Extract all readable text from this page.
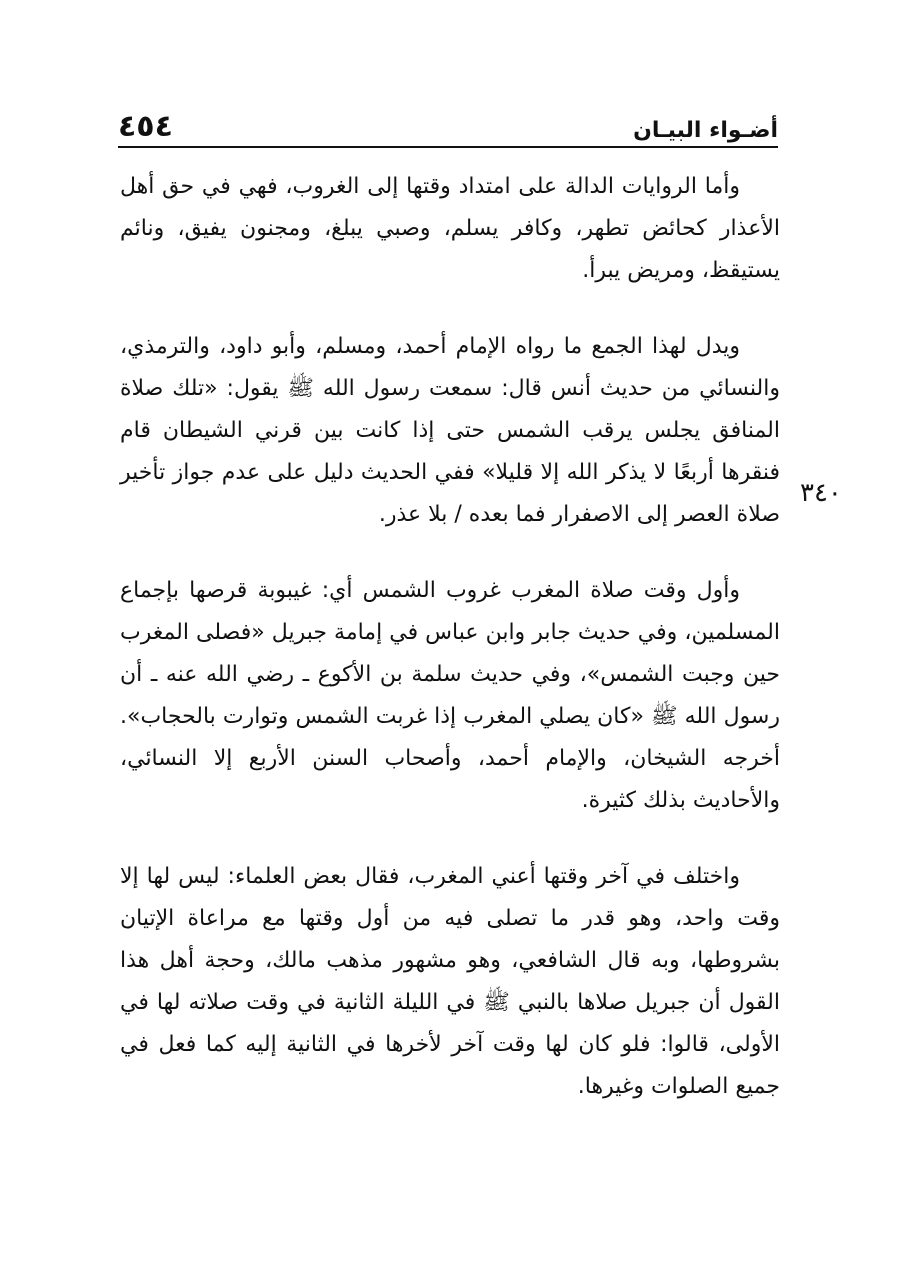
٤٥٤	أضـواء البيـان
٣٤٠

وأما الروايات الدالة على امتداد وقتها إلى الغروب، فهي في حق أهل الأعذار كحائض تطهر، وكافر يسلم، وصبي يبلغ، ومجنون يفيق، ونائم يستيقظ، ومريض يبرأ.

ويدل لهذا الجمع ما رواه الإمام أحمد، ومسلم، وأبو داود، والترمذي، والنسائي من حديث أنس قال: سمعت رسول الله ﷺ يقول: «تلك صلاة المنافق يجلس يرقب الشمس حتى إذا كانت بين قرني الشيطان قام فنقرها أربعًا لا يذكر الله إلا قليلا» ففي الحديث دليل على عدم جواز تأخير صلاة العصر إلى الاصفرار فما بعده / بلا عذر.

وأول وقت صلاة المغرب غروب الشمس أي: غيبوبة قرصها بإجماع المسلمين، وفي حديث جابر وابن عباس في إمامة جبريل «فصلى المغرب حين وجبت الشمس»، وفي حديث سلمة بن الأكوع ـ رضي الله عنه ـ أن رسول الله ﷺ «كان يصلي المغرب إذا غربت الشمس وتوارت بالحجاب». أخرجه الشيخان، والإمام أحمد، وأصحاب السنن الأربع إلا النسائي، والأحاديث بذلك كثيرة.

واختلف في آخر وقتها أعني المغرب، فقال بعض العلماء: ليس لها إلا وقت واحد، وهو قدر ما تصلى فيه من أول وقتها مع مراعاة الإتيان بشروطها، وبه قال الشافعي، وهو مشهور مذهب مالك، وحجة أهل هذا القول أن جبريل صلاها بالنبي ﷺ في الليلة الثانية في وقت صلاته لها في الأولى، قالوا: فلو كان لها وقت آخر لأخرها في الثانية إليه كما فعل في جميع الصلوات وغيرها.
